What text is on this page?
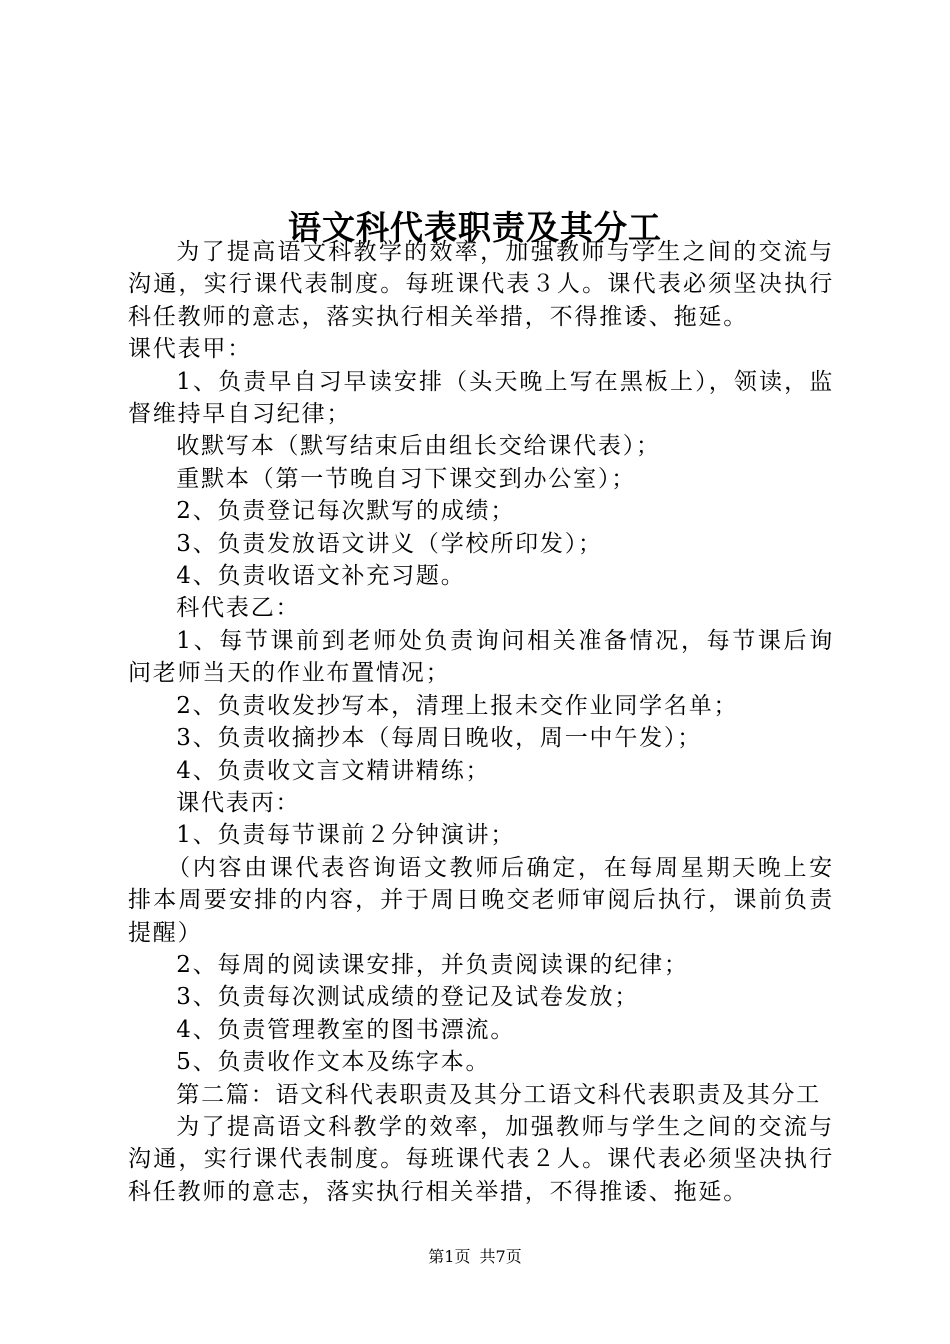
语文科代表职责及其分工

为了提高语文科教学的效率，加强教师与学生之间的交流与沟通，实行课代表制度。每班课代表３人。课代表必须坚决执行科任教师的意志，落实执行相关举措，不得推诿、拖延。

课代表甲：

1、负责早自习早读安排（头天晚上写在黑板上），领读，监督维持早自习纪律；

收默写本（默写结束后由组长交给课代表）；

重默本（第一节晚自习下课交到办公室）；

2、负责登记每次默写的成绩；

3、负责发放语文讲义（学校所印发）；

4、负责收语文补充习题。

科代表乙：

1、每节课前到老师处负责询问相关准备情况，每节课后询问老师当天的作业布置情况；

2、负责收发抄写本，清理上报未交作业同学名单；

3、负责收摘抄本（每周日晚收，周一中午发）；

4、负责收文言文精讲精练；

课代表丙：

1、负责每节课前２分钟演讲；

（内容由课代表咨询语文教师后确定，在每周星期天晚上安排本周要安排的内容，并于周日晚交老师审阅后执行，课前负责提醒）

2、每周的阅读课安排，并负责阅读课的纪律；

3、负责每次测试成绩的登记及试卷发放；

4、负责管理教室的图书漂流。

5、负责收作文本及练字本。

第二篇：语文科代表职责及其分工语文科代表职责及其分工

为了提高语文科教学的效率，加强教师与学生之间的交流与沟通，实行课代表制度。每班课代表２人。课代表必须坚决执行科任教师的意志，落实执行相关举措，不得推诿、拖延。

第1页 共7页
